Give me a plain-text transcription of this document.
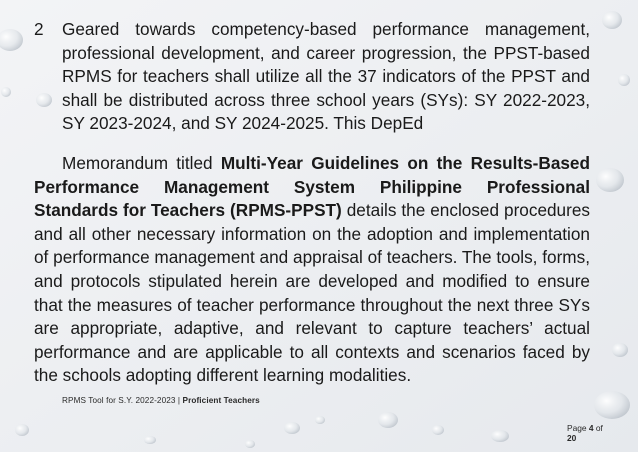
2 Geared towards competency-based performance management, professional development, and career progression, the PPST-based RPMS for teachers shall utilize all the 37 indicators of the PPST and shall be distributed across three school years (SYs): SY 2022-2023, SY 2023-2024, and SY 2024-2025. This DepEd
Memorandum titled Multi-Year Guidelines on the Results-Based Performance Management System Philippine Professional Standards for Teachers (RPMS-PPST) details the enclosed procedures and all other necessary information on the adoption and implementation of performance management and appraisal of teachers. The tools, forms, and protocols stipulated herein are developed and modified to ensure that the measures of teacher performance throughout the next three SYs are appropriate, adaptive, and relevant to capture teachers’ actual performance and are applicable to all contexts and scenarios faced by the schools adopting different learning modalities.
RPMS Tool for S.Y. 2022-2023 | Proficient Teachers
Page 4 of
20
